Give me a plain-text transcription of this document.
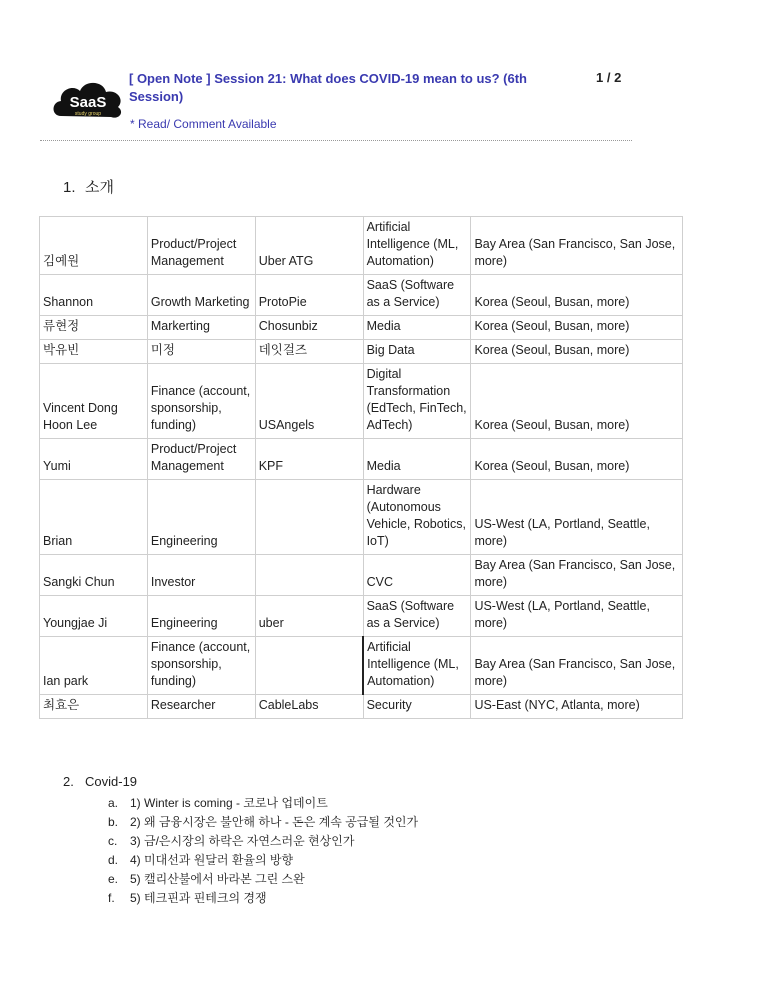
SaaS
study group
[ Open Note ] Session 21: What does COVID-19 mean to us? (6th Session)
1 / 2
* Read/ Comment Available
1. 소개
김예원	Product/Project Management	Uber ATG	Artificial Intelligence (ML, Automation)	Bay Area (San Francisco, San Jose, more)
Shannon	Growth Marketing	ProtoPie	SaaS (Software as a Service)	Korea (Seoul, Busan, more)
류현정	Markerting	Chosunbiz	Media	Korea (Seoul, Busan, more)
박유빈	미정	데잇걸즈	Big Data	Korea (Seoul, Busan, more)
Vincent Dong Hoon Lee	Finance (account, sponsorship, funding)	USAngels	Digital Transformation (EdTech, FinTech, AdTech)	Korea (Seoul, Busan, more)
Yumi	Product/Project Management	KPF	Media	Korea (Seoul, Busan, more)
Brian	Engineering		Hardware (Autonomous Vehicle, Robotics, IoT)	US-West (LA, Portland, Seattle, more)
Sangki Chun	Investor		CVC	Bay Area (San Francisco, San Jose, more)
Youngjae Ji	Engineering	uber	SaaS (Software as a Service)	US-West (LA, Portland, Seattle, more)
Ian park	Finance (account, sponsorship, funding)		Artificial Intelligence (ML, Automation)	Bay Area (San Francisco, San Jose, more)
최효은	Researcher	CableLabs	Security	US-East (NYC, Atlanta, more)
2. Covid-19
a. 1) Winter is coming - 코로나 업데이트
b. 2) 왜 금융시장은 불안해 하나 - 돈은 계속 공급될 것인가
c. 3) 금/은시장의 하락은 자연스러운 현상인가
d. 4) 미대선과 원달러 환율의 방향
e. 5) 캘리산불에서 바라본 그린 스완
f. 5) 테크핀과 핀테크의 경쟁
